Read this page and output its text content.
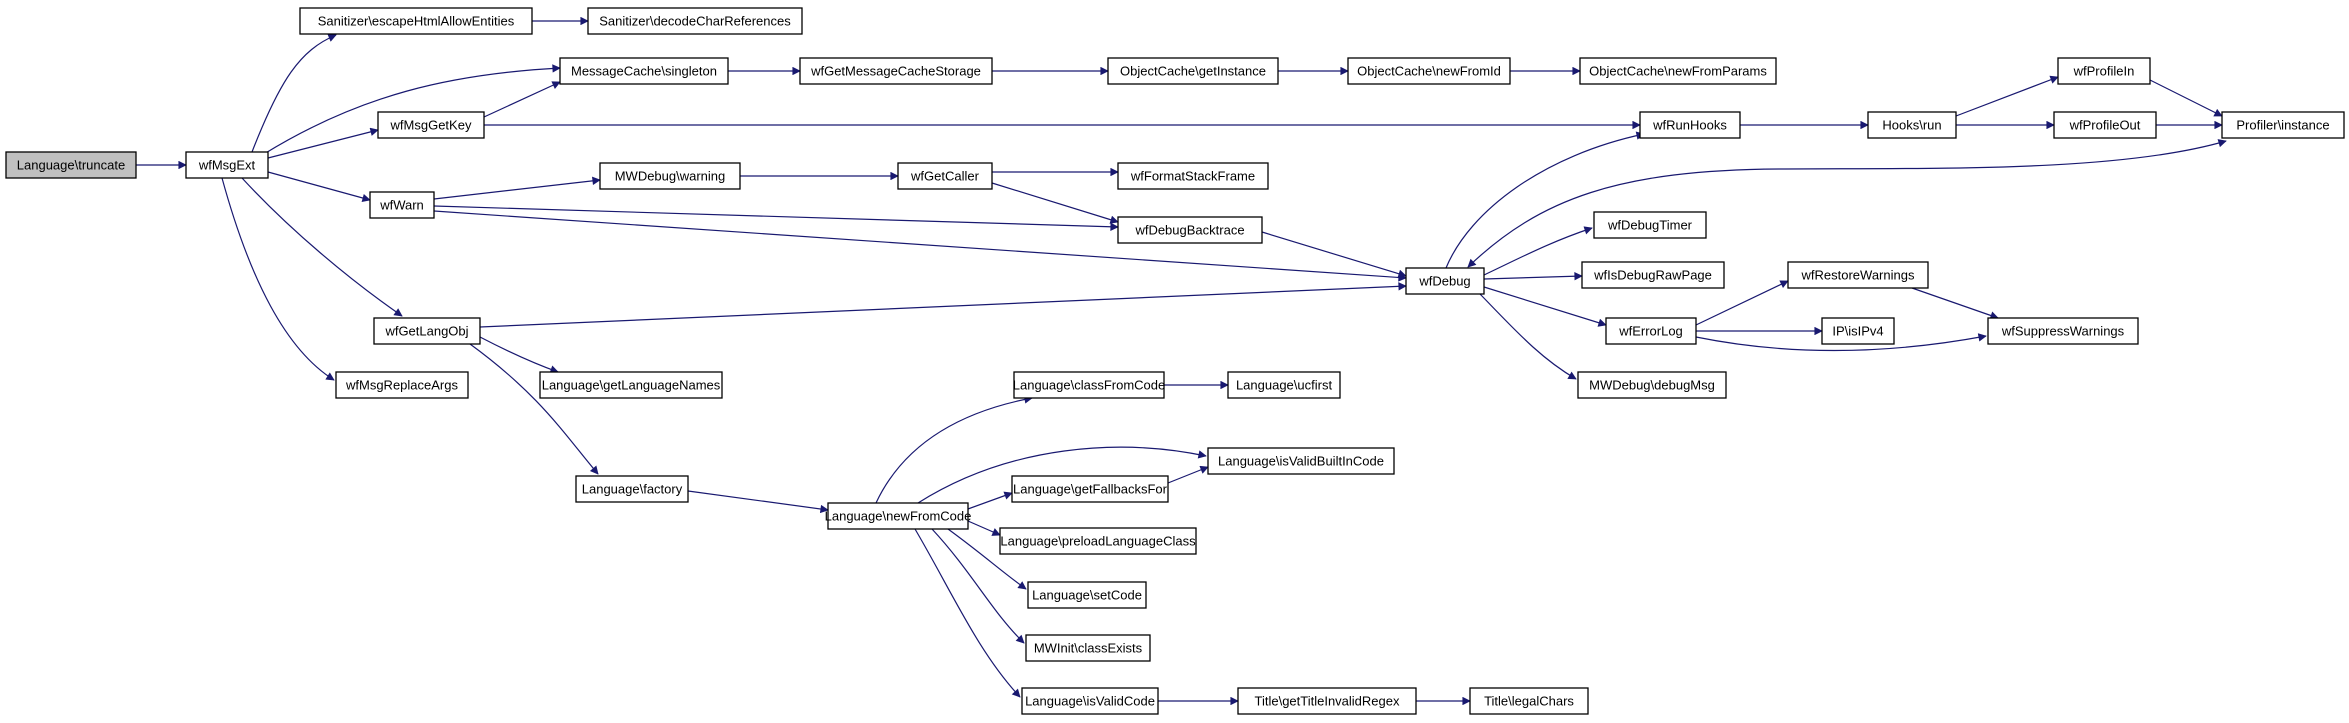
Language\truncate	wfMsgExt
Sanitizer\escapeHtmlAllowEntities	Sanitizer\decodeCharReferences
MessageCache\singleton	wfGetMessageCacheStorage	ObjectCache\getInstance	ObjectCache\newFromId	ObjectCache\newFromParams
wfMsgGetKey	wfRunHooks	Hooks\run
wfProfileIn
wfProfileOut	Profiler\instance
wfWarn
MWDebug\warning	wfGetCaller	wfFormatStackFrame
wfDebugBacktrace
wfDebug
wfDebugTimer
wfIsDebugRawPage
wfErrorLog
MWDebug\debugMsg
wfRestoreWarnings
IP\isIPv4	wfSuppressWarnings
wfGetLangObj
wfMsgReplaceArgs	Language\getLanguageNames	Language\classFromCode	Language\ucfirst
Language\isValidBuiltInCode
Language\factory	Language\getFallbacksFor
Language\newFromCode
Language\preloadLanguageClass
Language\setCode
MWInit\classExists
Language\isValidCode	Title\getTitleInvalidRegex	Title\legalChars
